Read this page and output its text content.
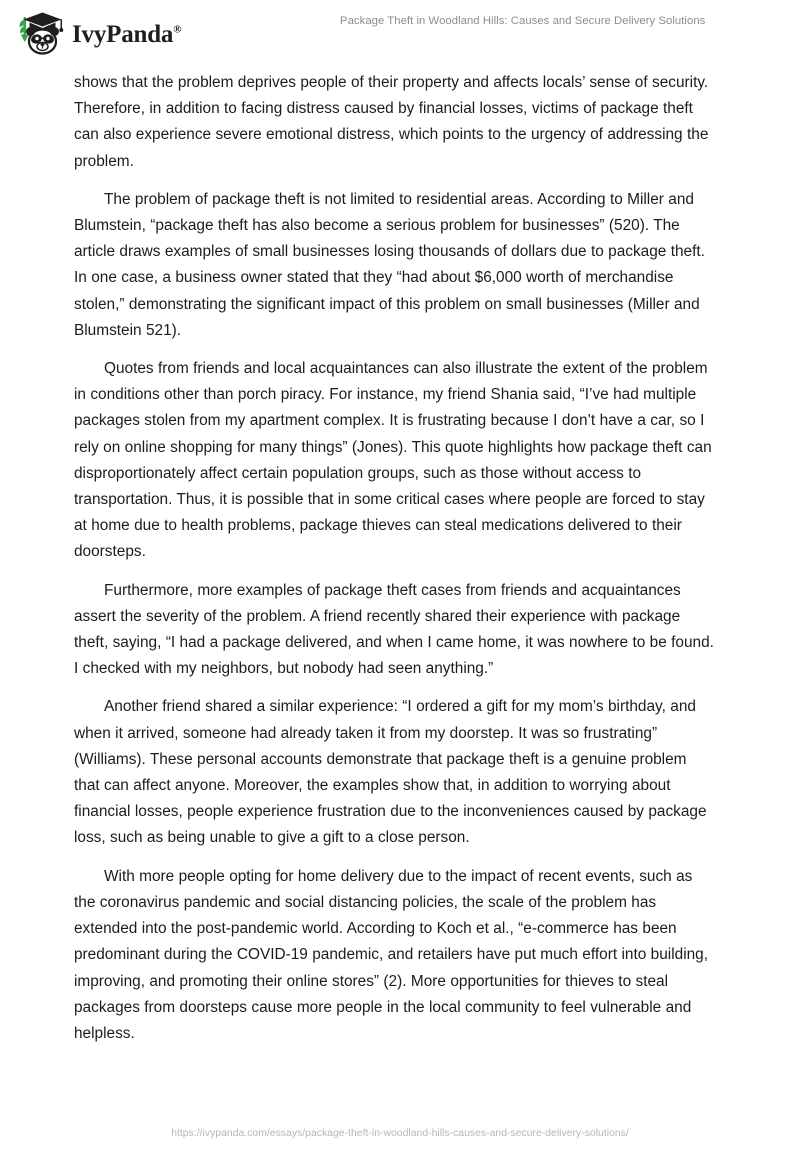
IvyPanda®
Package Theft in Woodland Hills: Causes and Secure Delivery Solutions

shows that the problem deprives people of their property and affects locals’ sense of security. Therefore, in addition to facing distress caused by financial losses, victims of package theft can also experience severe emotional distress, which points to the urgency of addressing the problem.

The problem of package theft is not limited to residential areas. According to Miller and Blumstein, “package theft has also become a serious problem for businesses” (520). The article draws examples of small businesses losing thousands of dollars due to package theft. In one case, a business owner stated that they “had about $6,000 worth of merchandise stolen,” demonstrating the significant impact of this problem on small businesses (Miller and Blumstein 521).

Quotes from friends and local acquaintances can also illustrate the extent of the problem in conditions other than porch piracy. For instance, my friend Shania said, “I’ve had multiple packages stolen from my apartment complex. It is frustrating because I don’t have a car, so I rely on online shopping for many things” (Jones). This quote highlights how package theft can disproportionately affect certain population groups, such as those without access to transportation. Thus, it is possible that in some critical cases where people are forced to stay at home due to health problems, package thieves can steal medications delivered to their doorsteps.

Furthermore, more examples of package theft cases from friends and acquaintances assert the severity of the problem. A friend recently shared their experience with package theft, saying, “I had a package delivered, and when I came home, it was nowhere to be found. I checked with my neighbors, but nobody had seen anything.”

Another friend shared a similar experience: “I ordered a gift for my mom’s birthday, and when it arrived, someone had already taken it from my doorstep. It was so frustrating” (Williams). These personal accounts demonstrate that package theft is a genuine problem that can affect anyone. Moreover, the examples show that, in addition to worrying about financial losses, people experience frustration due to the inconveniences caused by package loss, such as being unable to give a gift to a close person.

With more people opting for home delivery due to the impact of recent events, such as the coronavirus pandemic and social distancing policies, the scale of the problem has extended into the post-pandemic world. According to Koch et al., “e-commerce has been predominant during the COVID-19 pandemic, and retailers have put much effort into building, improving, and promoting their online stores” (2). More opportunities for thieves to steal packages from doorsteps cause more people in the local community to feel vulnerable and helpless.

https://ivypanda.com/essays/package-theft-in-woodland-hills-causes-and-secure-delivery-solutions/
